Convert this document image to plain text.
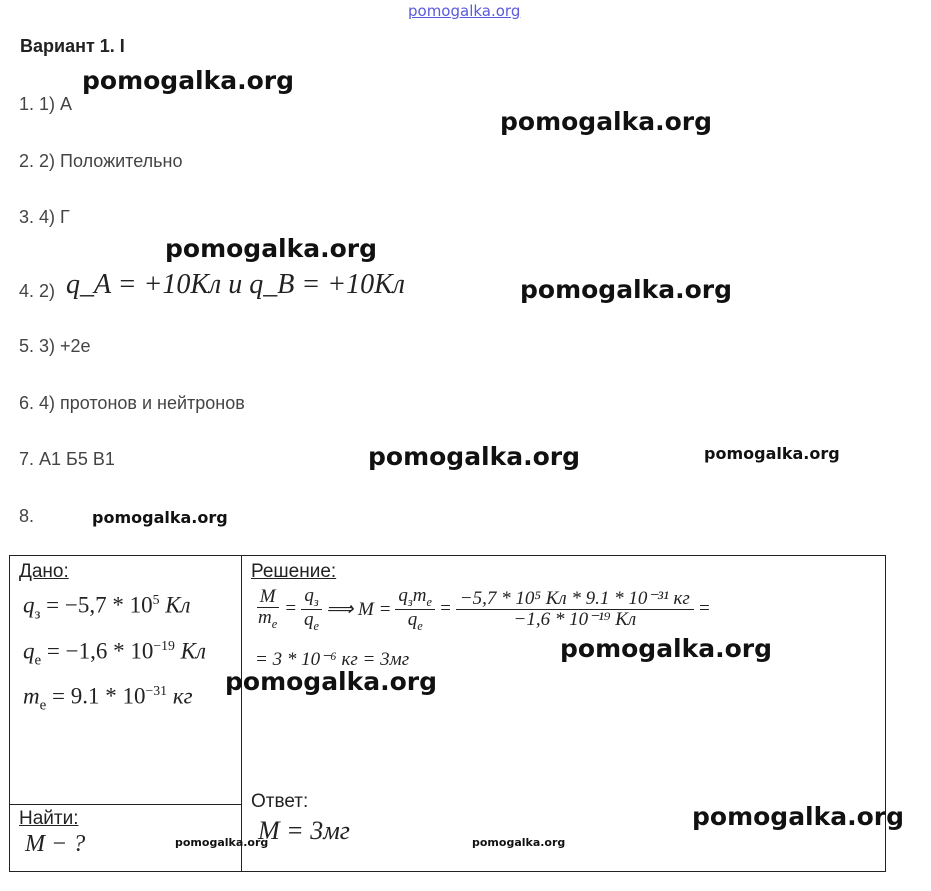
pomogalka.org
Вариант 1. I
1. 1) А
2. 2) Положительно
3. 4) Г
4. 2) q_A = +10Кл и q_B = +10Кл
5. 3) +2e
6. 4) протонов и нейтронов
7. А1 Б5 В1
8.
Дано:
$q_з = -5,7 * 10^5$ Кл
$q_e = -1,6 * 10^{-19}$ Кл
$m_e = 9.1 * 10^{-31}$ кг
Найти:
M − ?
Решение:
$\frac{M}{m_e} = \frac{q_з}{q_e}$ ⟹ $M = \frac{q_зm_e}{q_e} = \frac{\text{−5,7 * 10⁵ Кл * 9.1 * 10⁻³¹ кг}}{\text{−1,6 * 10⁻¹⁹ Кл}}$ =
= 3 * 10⁻⁶ кг = 3мг
Ответ:
M = 3мг
pomogalka.org
pomogalka.org
pomogalka.org
pomogalka.org
pomogalka.org	pomogalka.org
pomogalka.org
pomogalka.org
pomogalka.org
pomogalka.org
pomogalka.org	pomogalka.org
